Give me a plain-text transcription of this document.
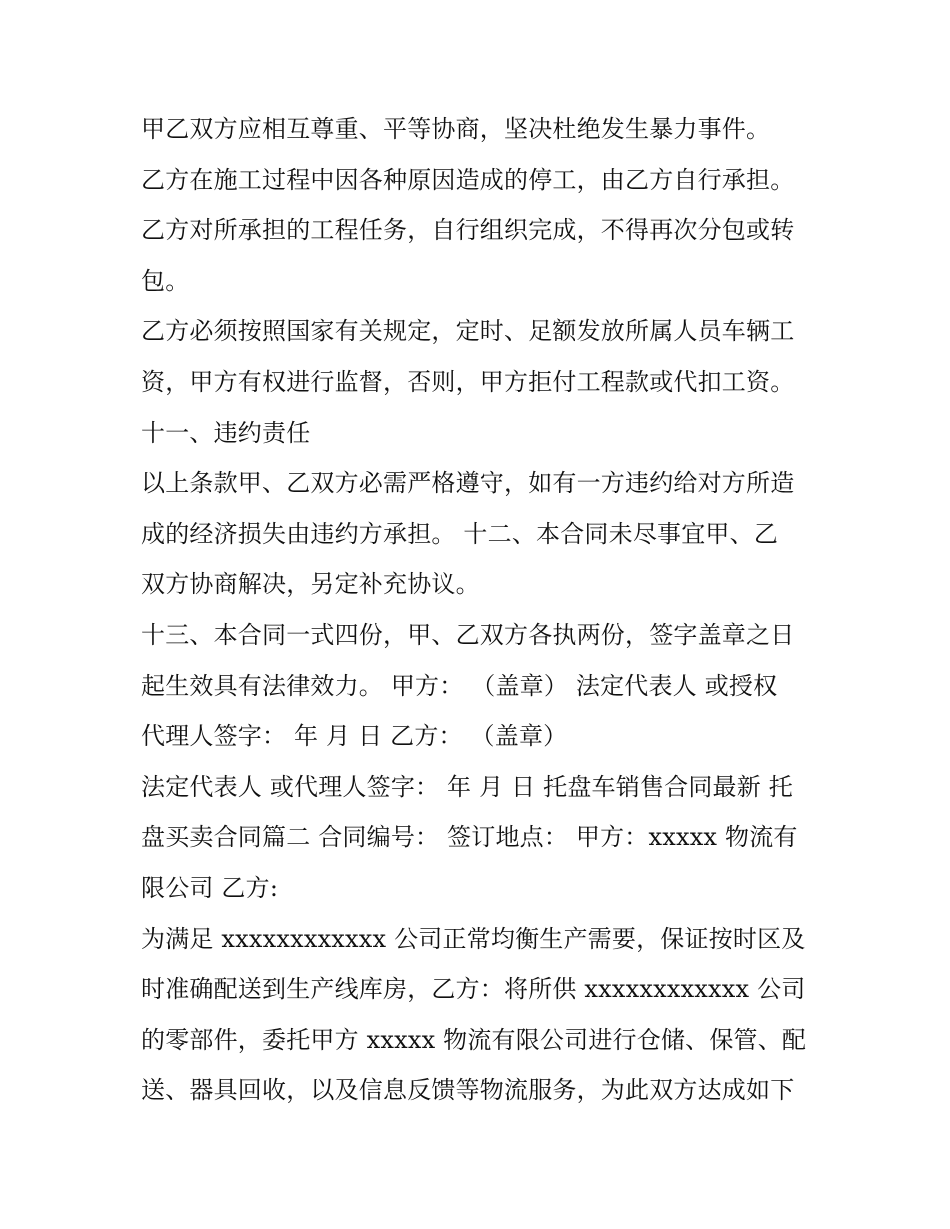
甲乙双方应相互尊重、平等协商，坚决杜绝发生暴力事件。
乙方在施工过程中因各种原因造成的停工，由乙方自行承担。
乙方对所承担的工程任务，自行组织完成，不得再次分包或转
包。
乙方必须按照国家有关规定，定时、足额发放所属人员车辆工
资，甲方有权进行监督，否则，甲方拒付工程款或代扣工资。
十一、违约责任
以上条款甲、乙双方必需严格遵守，如有一方违约给对方所造
成的经济损失由违约方承担。 十二、本合同未尽事宜甲、乙
双方协商解决，另定补充协议。
十三、本合同一式四份，甲、乙双方各执两份，签字盖章之日
起生效具有法律效力。 甲方： （盖章） 法定代表人 或授权
代理人签字： 年 月 日 乙方： （盖章）
法定代表人 或代理人签字： 年 月 日 托盘车销售合同最新 托
盘买卖合同篇二 合同编号： 签订地点： 甲方：xxxxx 物流有
限公司 乙方:
为满足 xxxxxxxxxxxx 公司正常均衡生产需要，保证按时区及
时准确配送到生产线库房，乙方：将所供 xxxxxxxxxxxx 公司
的零部件，委托甲方 xxxxx 物流有限公司进行仓储、保管、配
送、器具回收，以及信息反馈等物流服务，为此双方达成如下
